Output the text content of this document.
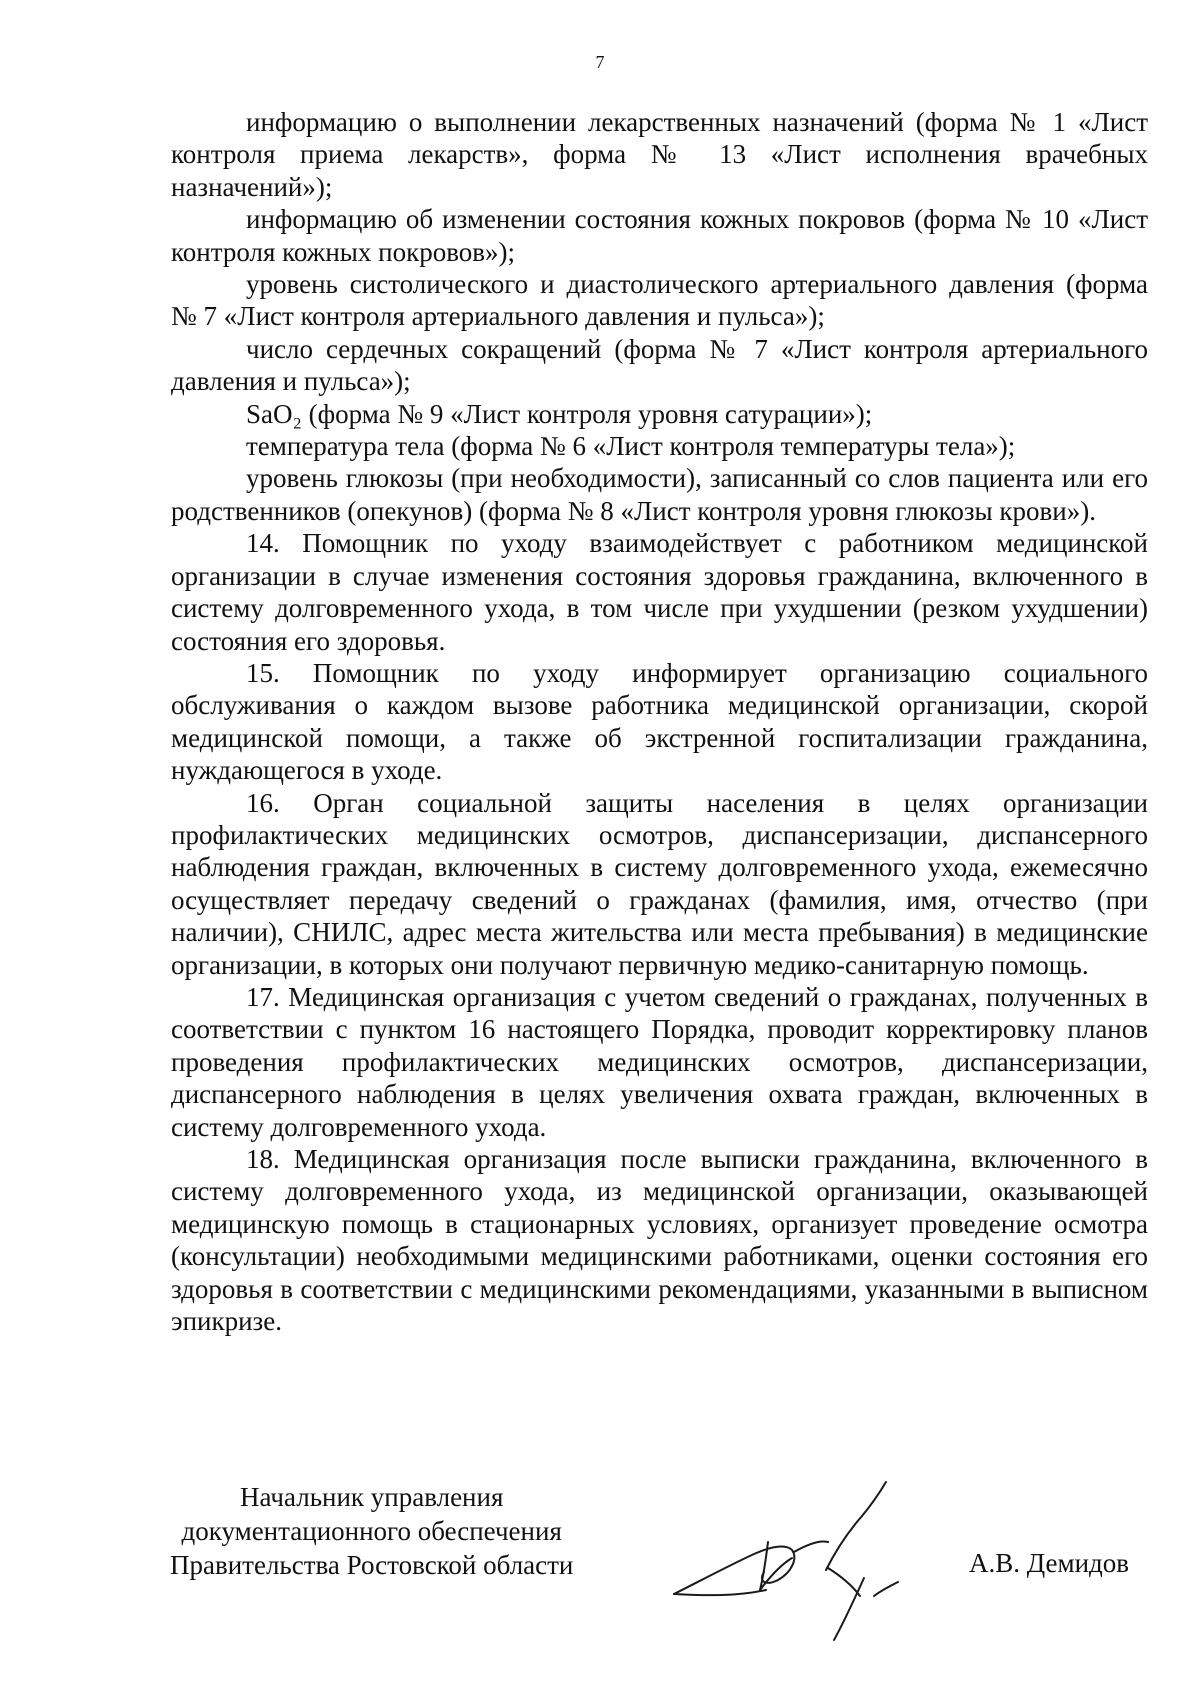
7

информацию о выполнении лекарственных назначений (форма № 1 «Лист контроля приема лекарств», форма № 13 «Лист исполнения врачебных назначений»);

информацию об изменении состояния кожных покровов (форма № 10 «Лист контроля кожных покровов»);

уровень систолического и диастолического артериального давления (форма № 7 «Лист контроля артериального давления и пульса»);

число сердечных сокращений (форма № 7 «Лист контроля артериального давления и пульса»);

SaO₂ (форма № 9 «Лист контроля уровня сатурации»);

температура тела (форма № 6 «Лист контроля температуры тела»);

уровень глюкозы (при необходимости), записанный со слов пациента или его родственников (опекунов) (форма № 8 «Лист контроля уровня глюкозы крови»).

14. Помощник по уходу взаимодействует с работником медицинской организации в случае изменения состояния здоровья гражданина, включенного в систему долговременного ухода, в том числе при ухудшении (резком ухудшении) состояния его здоровья.

15. Помощник по уходу информирует организацию социального обслуживания о каждом вызове работника медицинской организации, скорой медицинской помощи, а также об экстренной госпитализации гражданина, нуждающегося в уходе.

16. Орган социальной защиты населения в целях организации профилактических медицинских осмотров, диспансеризации, диспансерного наблюдения граждан, включенных в систему долговременного ухода, ежемесячно осуществляет передачу сведений о гражданах (фамилия, имя, отчество (при наличии), СНИЛС, адрес места жительства или места пребывания) в медицинские организации, в которых они получают первичную медико-санитарную помощь.

17. Медицинская организация с учетом сведений о гражданах, полученных в соответствии с пунктом 16 настоящего Порядка, проводит корректировку планов проведения профилактических медицинских осмотров, диспансеризации, диспансерного наблюдения в целях увеличения охвата граждан, включенных в систему долговременного ухода.

18. Медицинская организация после выписки гражданина, включенного в систему долговременного ухода, из медицинской организации, оказывающей медицинскую помощь в стационарных условиях, организует проведение осмотра (консультации) необходимыми медицинскими работниками, оценки состояния его здоровья в соответствии с медицинскими рекомендациями, указанными в выписном эпикризе.

Начальник управления
документационного обеспечения
Правительства Ростовской области	А.В. Демидов
